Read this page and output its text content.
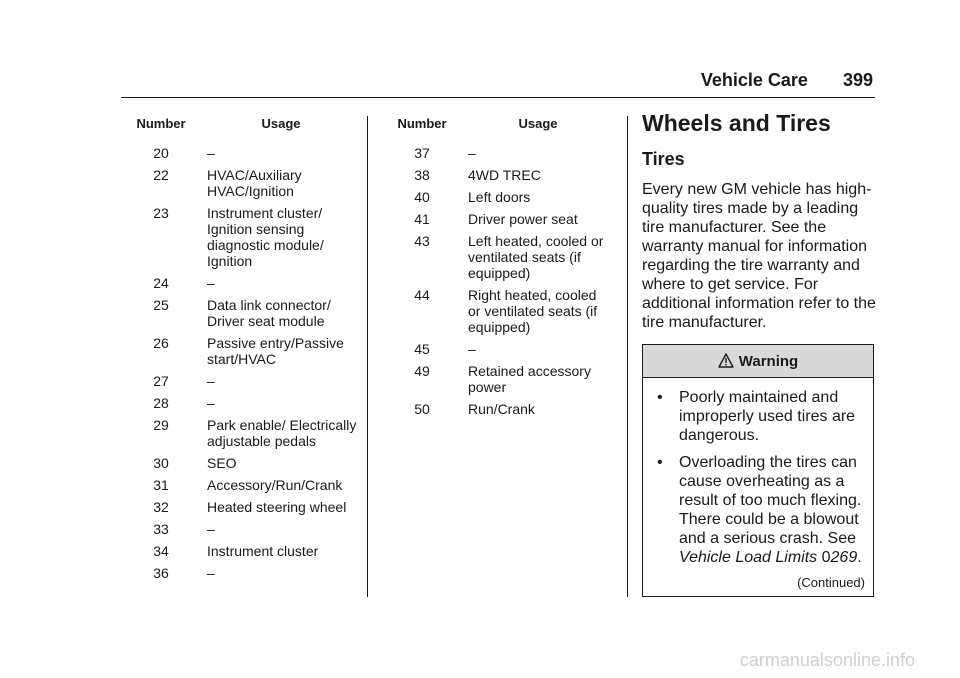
Vehicle Care 399
Number	Usage
20	–
22	HVAC/Auxiliary HVAC/Ignition
23	Instrument cluster/ Ignition sensing diagnostic module/ Ignition
24	–
25	Data link connector/ Driver seat module
26	Passive entry/Passive start/HVAC
27	–
28	–
29	Park enable/ Electrically adjustable pedals
30	SEO
31	Accessory/Run/Crank
32	Heated steering wheel
33	–
34	Instrument cluster
36	–
Number	Usage
37	–
38	4WD TREC
40	Left doors
41	Driver power seat
43	Left heated, cooled or ventilated seats (if equipped)
44	Right heated, cooled or ventilated seats (if equipped)
45	–
49	Retained accessory power
50	Run/Crank
Wheels and Tires
Tires
Every new GM vehicle has high-quality tires made by a leading tire manufacturer. See the warranty manual for information regarding the tire warranty and where to get service. For additional information refer to the tire manufacturer.
Warning
•	Poorly maintained and improperly used tires are dangerous.
•	Overloading the tires can cause overheating as a result of too much flexing. There could be a blowout and a serious crash. See Vehicle Load Limits 0269.
(Continued)
carmanualsonline.info
